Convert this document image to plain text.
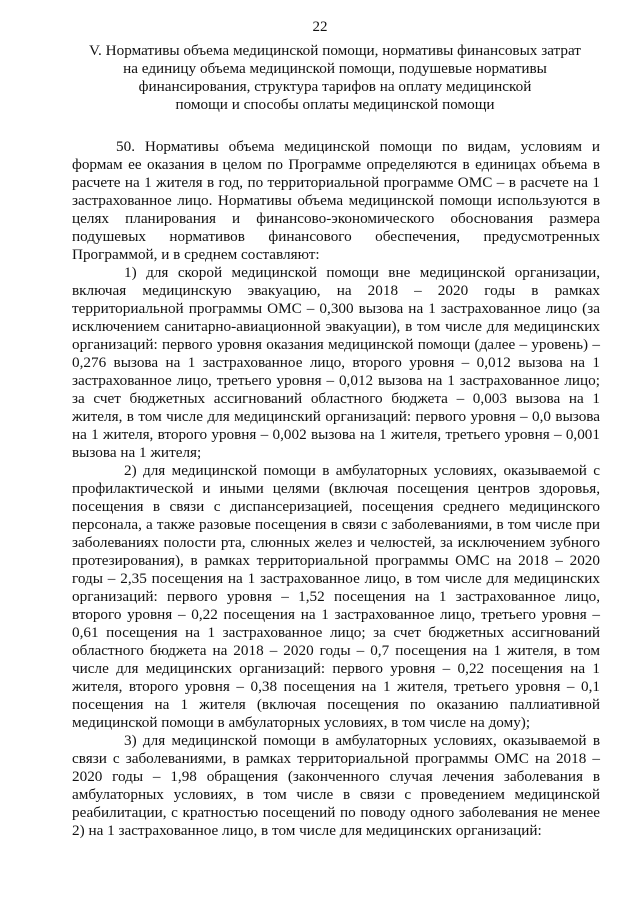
22
V. Нормативы объема медицинской помощи, нормативы финансовых затрат
на единицу объема медицинской помощи, подушевые нормативы
финансирования, структура тарифов на оплату медицинской
помощи и способы оплаты медицинской помощи

50. Нормативы объема медицинской помощи по видам, условиям и формам ее оказания в целом по Программе определяются в единицах объема в расчете на 1 жителя в год, по территориальной программе ОМС – в расчете на 1 застрахованное лицо. Нормативы объема медицинской помощи используются в целях планирования и финансово-экономического обоснования размера подушевых нормативов финансового обеспечения, предусмотренных Программой, и в среднем составляют:

1) для скорой медицинской помощи вне медицинской организации, включая медицинскую эвакуацию, на 2018 – 2020 годы в рамках территориальной программы ОМС – 0,300 вызова на 1 застрахованное лицо (за исключением санитарно-авиационной эвакуации), в том числе для медицинских организаций: первого уровня оказания медицинской помощи (далее – уровень) – 0,276 вызова на 1 застрахованное лицо, второго уровня – 0,012 вызова на 1 застрахованное лицо, третьего уровня – 0,012 вызова на 1 застрахованное лицо; за счет бюджетных ассигнований областного бюджета – 0,003 вызова на 1 жителя, в том числе для медицинский организаций: первого уровня – 0,0 вызова на 1 жителя, второго уровня – 0,002 вызова на 1 жителя, третьего уровня – 0,001 вызова на 1 жителя;

2) для медицинской помощи в амбулаторных условиях, оказываемой с профилактической и иными целями (включая посещения центров здоровья, посещения в связи с диспансеризацией, посещения среднего медицинского персонала, а также разовые посещения в связи с заболеваниями, в том числе при заболеваниях полости рта, слюнных желез и челюстей, за исключением зубного протезирования), в рамках территориальной программы ОМС на 2018 – 2020 годы – 2,35 посещения на 1 застрахованное лицо, в том числе для медицинских организаций: первого уровня – 1,52 посещения на 1 застрахованное лицо, второго уровня – 0,22 посещения на 1 застрахованное лицо, третьего уровня – 0,61 посещения на 1 застрахованное лицо; за счет бюджетных ассигнований областного бюджета на 2018 – 2020 годы – 0,7 посещения на 1 жителя, в том числе для медицинских организаций: первого уровня – 0,22 посещения на 1 жителя, второго уровня – 0,38 посещения на 1 жителя, третьего уровня – 0,1 посещения на 1 жителя (включая посещения по оказанию паллиативной медицинской помощи в амбулаторных условиях, в том числе на дому);

3) для медицинской помощи в амбулаторных условиях, оказываемой в связи с заболеваниями, в рамках территориальной программы ОМС на 2018 – 2020 годы – 1,98 обращения (законченного случая лечения заболевания в амбулаторных условиях, в том числе в связи с проведением медицинской реабилитации, с кратностью посещений по поводу одного заболевания не менее 2) на 1 застрахованное лицо, в том числе для медицинских организаций:
